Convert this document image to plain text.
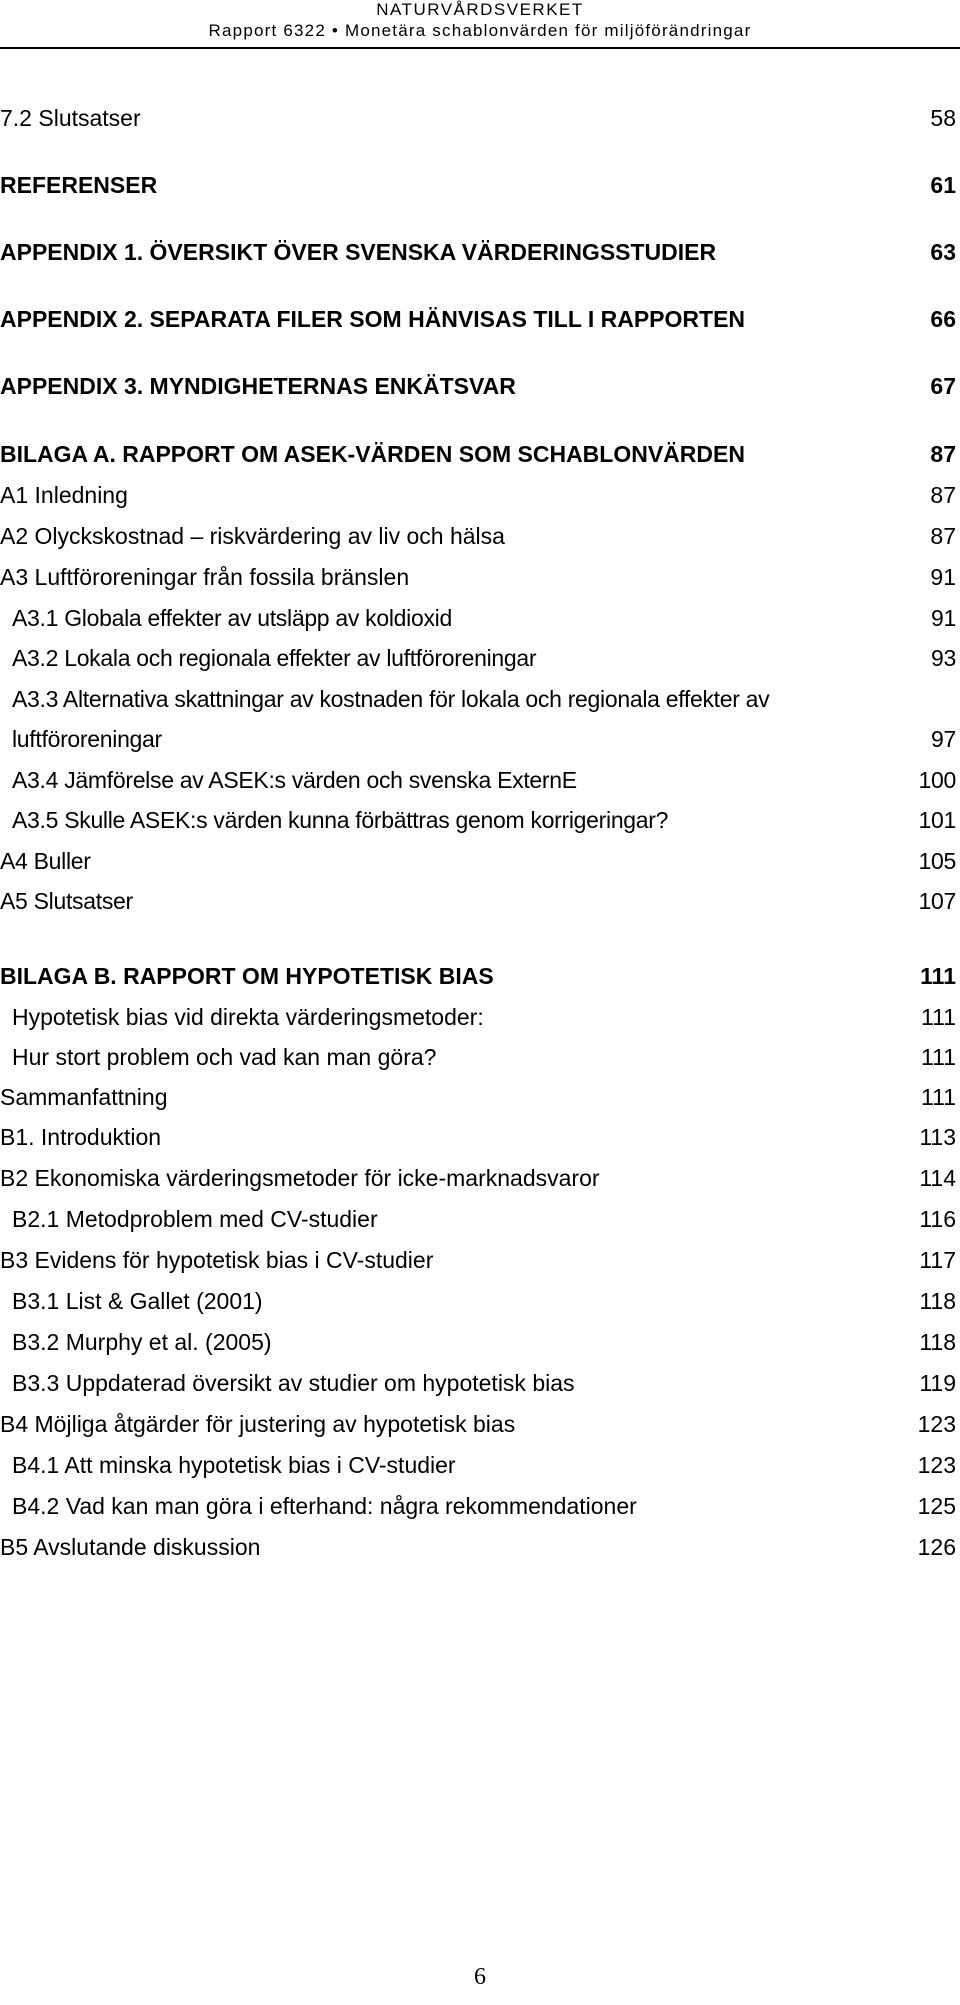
NATURVÅRDSVERKET
Rapport 6322 • Monetära schablonvärden för miljöförändringar
7.2 Slutsatser	58
REFERENSER	61
APPENDIX 1. ÖVERSIKT ÖVER SVENSKA VÄRDERINGSSTUDIER	63
APPENDIX 2. SEPARATA FILER SOM HÄNVISAS TILL I RAPPORTEN	66
APPENDIX 3. MYNDIGHETERNAS ENKÄTSVAR	67
BILAGA A. RAPPORT OM ASEK-VÄRDEN SOM SCHABLONVÄRDEN	87
A1 Inledning	87
A2 Olyckskostnad – riskvärdering av liv och hälsa	87
A3 Luftföroreningar från fossila bränslen	91
A3.1 Globala effekter av utsläpp av koldioxid	91
A3.2 Lokala och regionala effekter av luftföroreningar	93
A3.3 Alternativa skattningar av kostnaden för lokala och regionala effekter av
luftföroreningar	97
A3.4 Jämförelse av ASEK:s värden och svenska ExternE	100
A3.5 Skulle ASEK:s värden kunna förbättras genom korrigeringar?	101
A4 Buller	105
A5 Slutsatser	107
BILAGA B. RAPPORT OM HYPOTETISK BIAS	111
Hypotetisk bias vid direkta värderingsmetoder:	111
Hur stort problem och vad kan man göra?	111
Sammanfattning	111
B1. Introduktion	113
B2 Ekonomiska värderingsmetoder för icke-marknadsvaror	114
B2.1 Metodproblem med CV-studier	116
B3 Evidens för hypotetisk bias i CV-studier	117
B3.1 List & Gallet (2001)	118
B3.2 Murphy et al. (2005)	118
B3.3 Uppdaterad översikt av studier om hypotetisk bias	119
B4 Möjliga åtgärder för justering av hypotetisk bias	123
B4.1 Att minska hypotetisk bias i CV-studier	123
B4.2 Vad kan man göra i efterhand: några rekommendationer	125
B5 Avslutande diskussion	126
6
